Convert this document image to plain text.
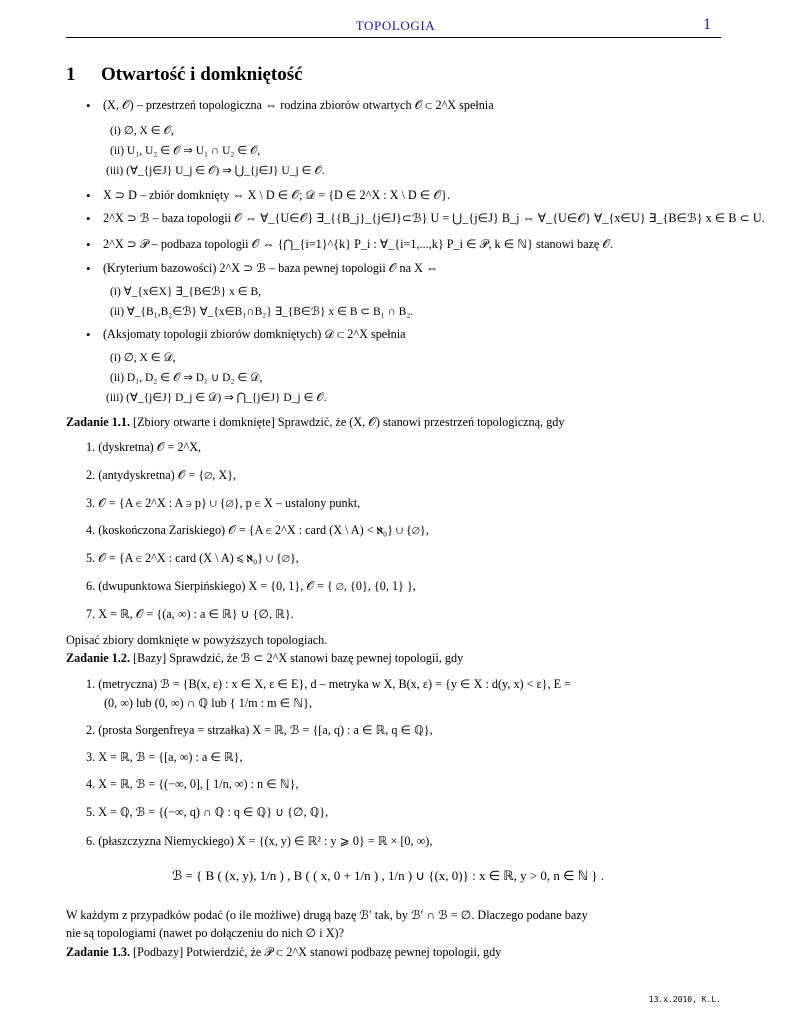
TOPOLOGIA	1
1 Otwartość i domkniętość
• (X, 𝒪) – przestrzeń topologiczna ⇔ rodzina zbiorów otwartych 𝒪 ⊂ 2^X spełnia
(i) ∅, X ∈ 𝒪,
(ii) U₁, U₂ ∈ 𝒪 ⇒ U₁ ∩ U₂ ∈ 𝒪,
(iii) (∀_{j∈J} U_j ∈ 𝒪) ⇒ ⋃_{j∈J} U_j ∈ 𝒪.
• X ⊃ D – zbiór domknięty ⇔ X \ D ∈ 𝒪; 𝒟 = {D ∈ 2^X : X \ D ∈ 𝒪}.
• 2^X ⊃ ℬ – baza topologii 𝒪 ⇔ ∀_{U∈𝒪} ∃_{{B_j}_{j∈J}⊂ℬ} U = ⋃_{j∈J} B_j ⇔ ∀_{U∈𝒪} ∀_{x∈U} ∃_{B∈ℬ} x ∈ B ⊂ U.
• 2^X ⊃ 𝒫 – podbaza topologii 𝒪 ⇔ {⋂_{i=1}^{k} P_i : ∀_{i=1,...,k} P_i ∈ 𝒫, k ∈ ℕ} stanowi bazę 𝒪.
• (Kryterium bazowości) 2^X ⊃ ℬ – baza pewnej topologii 𝒪 na X ⇔
(i) ∀_{x∈X} ∃_{B∈ℬ} x ∈ B,
(ii) ∀_{B₁,B₂∈ℬ} ∀_{x∈B₁∩B₂} ∃_{B∈ℬ} x ∈ B ⊂ B₁ ∩ B₂.
• (Aksjomaty topologii zbiorów domkniętych) 𝒟 ⊂ 2^X spełnia
(i) ∅, X ∈ 𝒟,
(ii) D₁, D₂ ∈ 𝒪 ⇒ D₁ ∪ D₂ ∈ 𝒟,
(iii) (∀_{j∈J} D_j ∈ 𝒟) ⇒ ⋂_{j∈J} D_j ∈ 𝒪.
Zadanie 1.1. [Zbiory otwarte i domknięte] Sprawdzić, że (X, 𝒪) stanowi przestrzeń topologiczną, gdy
1. (dyskretna) 𝒪 = 2^X,
2. (antydyskretna) 𝒪 = {∅, X},
3. 𝒪 = {A ∈ 2^X : A ∋ p} ∪ {∅}, p ∈ X – ustalony punkt,
4. (koskończona Zariskiego) 𝒪 = {A ∈ 2^X : card (X \ A) < ℵ₀} ∪ {∅},
5. 𝒪 = {A ∈ 2^X : card (X \ A) ⩽ ℵ₀} ∪ {∅},
6. (dwupunktowa Sierpińskiego) X = {0, 1}, 𝒪 = { ∅, {0}, {0, 1} },
7. X = ℝ, 𝒪 = {(a, ∞) : a ∈ ℝ} ∪ {∅, ℝ}.
Opisać zbiory domknięte w powyższych topologiach.
Zadanie 1.2. [Bazy] Sprawdzić, że ℬ ⊂ 2^X stanowi bazę pewnej topologii, gdy
1. (metryczna) ℬ = {B(x, ε) : x ∈ X, ε ∈ E}, d – metryka w X, B(x, ε) = {y ∈ X : d(y, x) < ε}, E =
(0, ∞) lub (0, ∞) ∩ ℚ lub { 1/m : m ∈ ℕ},
2. (prosta Sorgenfreya = strzałka) X = ℝ, ℬ = {[a, q) : a ∈ ℝ, q ∈ ℚ},
3. X = ℝ, ℬ = {[a, ∞) : a ∈ ℝ},
4. X = ℝ, ℬ = {(−∞, 0], [ 1/n, ∞) : n ∈ ℕ},
5. X = ℚ, ℬ = {(−∞, q) ∩ ℚ : q ∈ ℚ} ∪ {∅, ℚ},
6. (płaszczyzna Niemyckiego) X = {(x, y) ∈ ℝ² : y ⩾ 0} = ℝ × [0, ∞),
ℬ = { B ( (x, y), 1/n ) , B ( ( x, 0 + 1/n ) , 1/n ) ∪ {(x, 0)} : x ∈ ℝ, y > 0, n ∈ ℕ } .
W każdym z przypadków podać (o ile możliwe) drugą bazę ℬ′ tak, by ℬ′ ∩ ℬ = ∅. Dlaczego podane bazy
nie są topologiami (nawet po dołączeniu do nich ∅ i X)?
Zadanie 1.3. [Podbazy] Potwierdzić, że 𝒫 ⊂ 2^X stanowi podbazę pewnej topologii, gdy
13.x.2010, K.L.
